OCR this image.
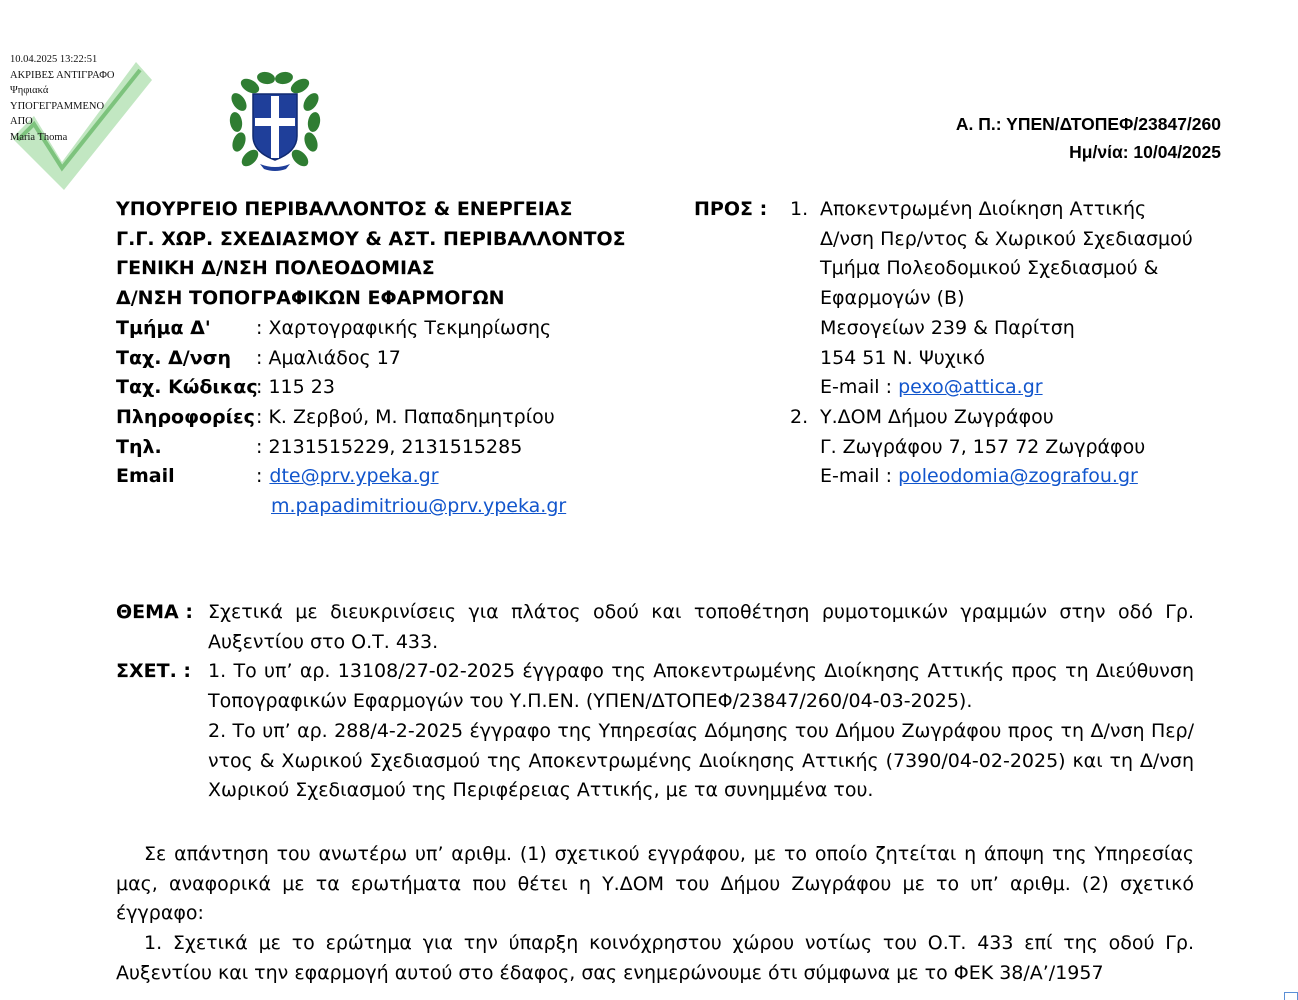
10.04.2025 13:22:51
ΑΚΡΙΒΕΣ ΑΝΤΙΓΡΑΦΟ
Ψηφιακά
ΥΠΟΓΕΓΡΑΜΜΕΝΟ
ΑΠΟ
Maria Thoma
Α. Π.: ΥΠΕΝ/ΔΤΟΠΕΦ/23847/260
Ημ/νία: 10/04/2025
ΥΠΟΥΡΓΕΙΟ ΠΕΡΙΒΑΛΛΟΝΤΟΣ & ΕΝΕΡΓΕΙΑΣ
Γ.Γ. ΧΩΡ. ΣΧΕΔΙΑΣΜΟΥ & ΑΣΤ. ΠΕΡΙΒΑΛΛΟΝΤΟΣ
ΓΕΝΙΚΗ Δ/ΝΣΗ ΠΟΛΕΟΔΟΜΙΑΣ
Δ/ΝΣΗ ΤΟΠΟΓΡΑΦΙΚΩΝ ΕΦΑΡΜΟΓΩΝ
Τμήμα Δ'	: Χαρτογραφικής Τεκμηρίωσης
Ταχ. Δ/νση	: Αμαλιάδος 17
Ταχ. Κώδικας
: 115 23
Πληροφορίες : Κ. Ζερβού, Μ. Παπαδημητρίου
Τηλ.	: 2131515229, 2131515285
Email	: dte@prv.ypeka.gr
m.papadimitriou@prv.ypeka.gr
ΠΡΟΣ : 1. Αποκεντρωμένη Διοίκηση Αττικής
Δ/νση Περ/ντος & Χωρικού Σχεδιασμού
Τμήμα Πολεοδομικού Σχεδιασμού &
Εφαρμογών (Β)
Μεσογείων 239 & Παρίτση
154 51 Ν. Ψυχικό
E-mail : pexo@attica.gr
2. Υ.ΔΟΜ Δήμου Ζωγράφου
Γ. Ζωγράφου 7, 157 72 Ζωγράφου
E-mail : poleodomia@zografou.gr
ΘΕΜΑ : Σχετικά με διευκρινίσεις για πλάτος οδού και τοποθέτηση ρυμοτομικών γραμμών στην οδό Γρ. Αυξεντίου στο Ο.Τ. 433.
ΣΧΕΤ. : 1. Το υπ’ αρ. 13108/27-02-2025 έγγραφο της Αποκεντρωμένης Διοίκησης Αττικής προς τη Διεύθυνση Τοπογραφικών Εφαρμογών του Υ.Π.ΕΝ. (ΥΠΕΝ/ΔΤΟΠΕΦ/23847/260/04-03-2025).
2. Το υπ’ αρ. 288/4-2-2025 έγγραφο της Υπηρεσίας Δόμησης του Δήμου Ζωγράφου προς τη Δ/νση Περ/ντος & Χωρικού Σχεδιασμού της Αποκεντρωμένης Διοίκησης Αττικής (7390/04-02-2025) και τη Δ/νση Χωρικού Σχεδιασμού της Περιφέρειας Αττικής, με τα συνημμένα του.

Σε απάντηση του ανωτέρω υπ’ αριθμ. (1) σχετικού εγγράφου, με το οποίο ζητείται η άποψη της Υπηρεσίας μας, αναφορικά με τα ερωτήματα που θέτει η Υ.ΔΟΜ του Δήμου Ζωγράφου με το υπ’ αριθμ. (2) σχετικό έγγραφο:

1. Σχετικά με το ερώτημα για την ύπαρξη κοινόχρηστου χώρου νοτίως του Ο.Τ. 433 επί της οδού Γρ. Αυξεντίου και την εφαρμογή αυτού στο έδαφος, σας ενημερώνουμε ότι σύμφωνα με το ΦΕΚ 38/Α’/1957
